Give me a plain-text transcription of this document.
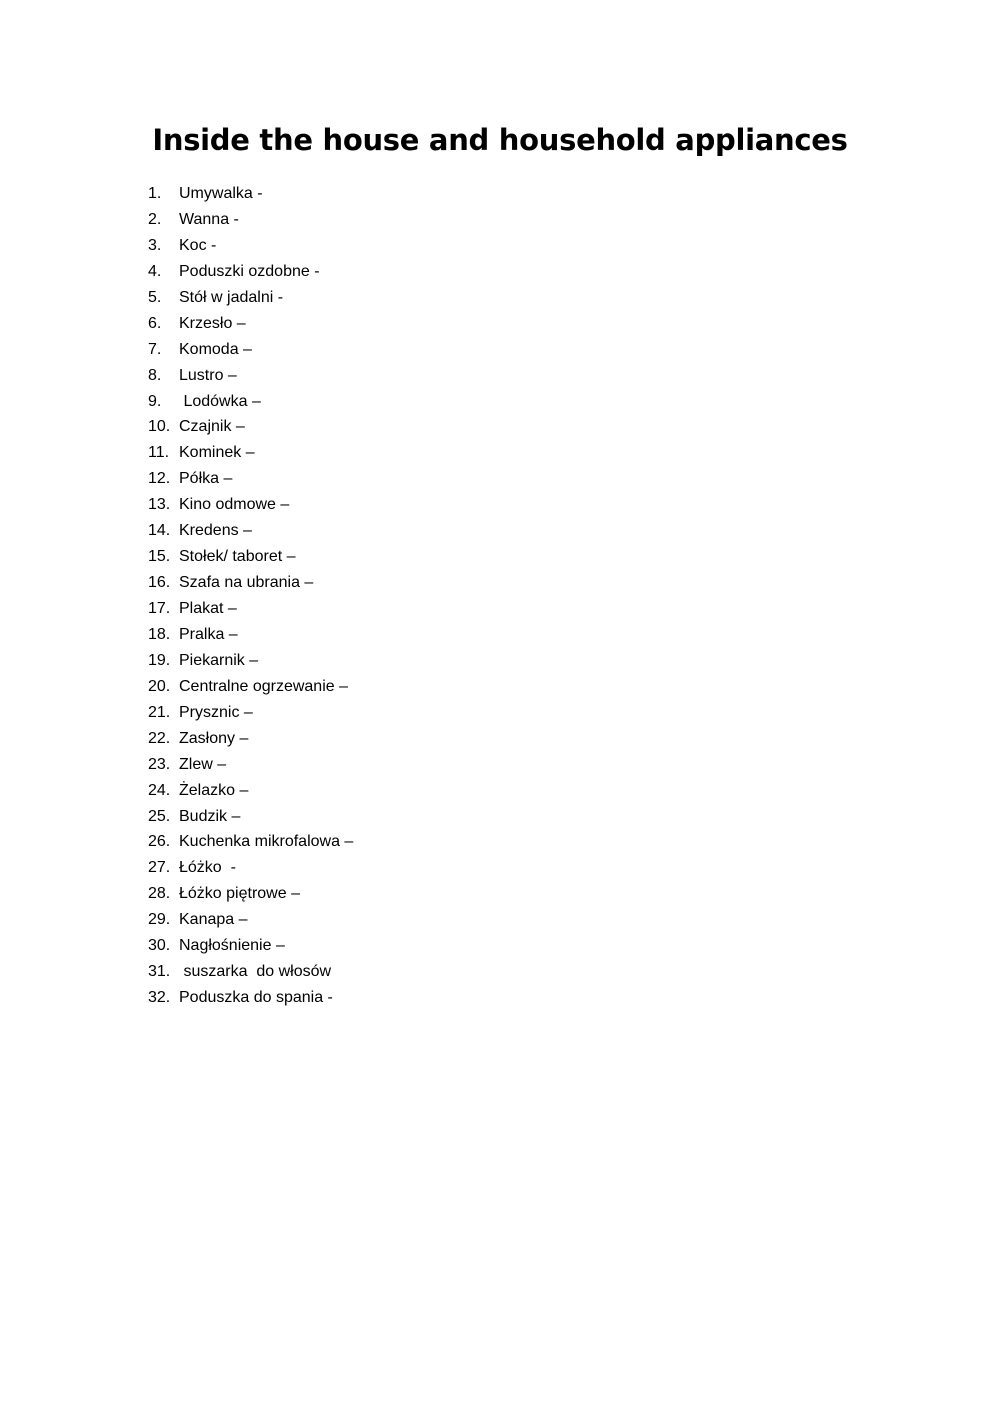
Inside the house and household appliances
1.	Umywalka -
2.	Wanna -
3.	Koc -
4.	Poduszki ozdobne -
5.	Stół w jadalni -
6.	Krzesło –
7.	Komoda –
8.	Lustro –
9.	Lodówka –
10. Czajnik –
11. Kominek –
12. Półka –
13. Kino odmowe –
14. Kredens –
15. Stołek/ taboret –
16. Szafa na ubrania –
17. Plakat –
18. Pralka –
19. Piekarnik –
20. Centralne ogrzewanie –
21. Prysznic –
22. Zasłony –
23. Zlew –
24. Żelazko –
25. Budzik –
26. Kuchenka mikrofalowa –
27. Łóżko  -
28. Łóżko piętrowe –
29. Kanapa –
30. Nagłośnienie –
31. suszarka  do włosów
32. Poduszka do spania -
